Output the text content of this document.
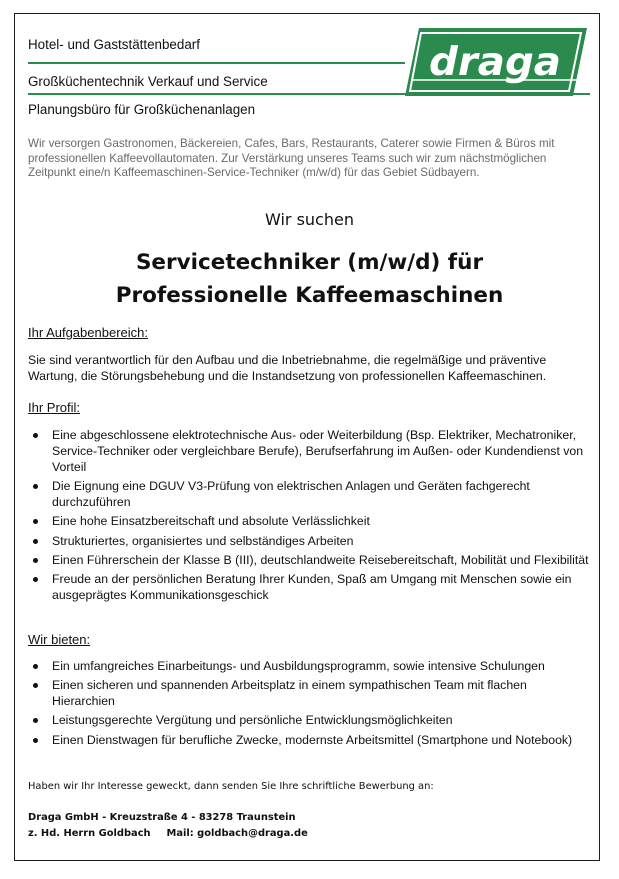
Hotel- und Gaststättenbedarf
Großküchentechnik Verkauf und Service
Planungsbüro für Großküchenanlagen
draga

Wir versorgen Gastronomen, Bäckereien, Cafes, Bars, Restaurants, Caterer sowie Firmen & Büros mit professionellen Kaffeevollautomaten. Zur Verstärkung unseres Teams such wir zum nächstmöglichen Zeitpunkt eine/n Kaffeemaschinen-Service-Techniker (m/w/d) für das Gebiet Südbayern.

Wir suchen
Servicetechniker (m/w/d) für
Professionelle Kaffeemaschinen
Ihr Aufgabenbereich:

Sie sind verantwortlich für den Aufbau und die Inbetriebnahme, die regelmäßige und präventive Wartung, die Störungsbehebung und die Instandsetzung von professionellen Kaffeemaschinen.

Ihr Profil:
Eine abgeschlossene elektrotechnische Aus- oder Weiterbildung (Bsp. Elektriker, Mechatroniker, Service-Techniker oder vergleichbare Berufe), Berufserfahrung im Außen- oder Kundendienst von Vorteil
Die Eignung eine DGUV V3-Prüfung von elektrischen Anlagen und Geräten fachgerecht durchzuführen
Eine hohe Einsatzbereitschaft und absolute Verlässlichkeit
Strukturiertes, organisiertes und selbständiges Arbeiten
Einen Führerschein der Klasse B (III), deutschlandweite Reisebereitschaft, Mobilität und Flexibilität
Freude an der persönlichen Beratung Ihrer Kunden, Spaß am Umgang mit Menschen sowie ein ausgeprägtes Kommunikationsgeschick
Wir bieten:
Ein umfangreiches Einarbeitungs- und Ausbildungsprogramm, sowie intensive Schulungen
Einen sicheren und spannenden Arbeitsplatz in einem sympathischen Team mit flachen Hierarchien
Leistungsgerechte Vergütung und persönliche Entwicklungsmöglichkeiten
Einen Dienstwagen für berufliche Zwecke, modernste Arbeitsmittel (Smartphone und Notebook)
Haben wir Ihr Interesse geweckt, dann senden Sie Ihre schriftliche Bewerbung an:
Draga GmbH - Kreuzstraße 4 - 83278 Traunstein
z. Hd. Herrn Goldbach Mail: goldbach@draga.de
